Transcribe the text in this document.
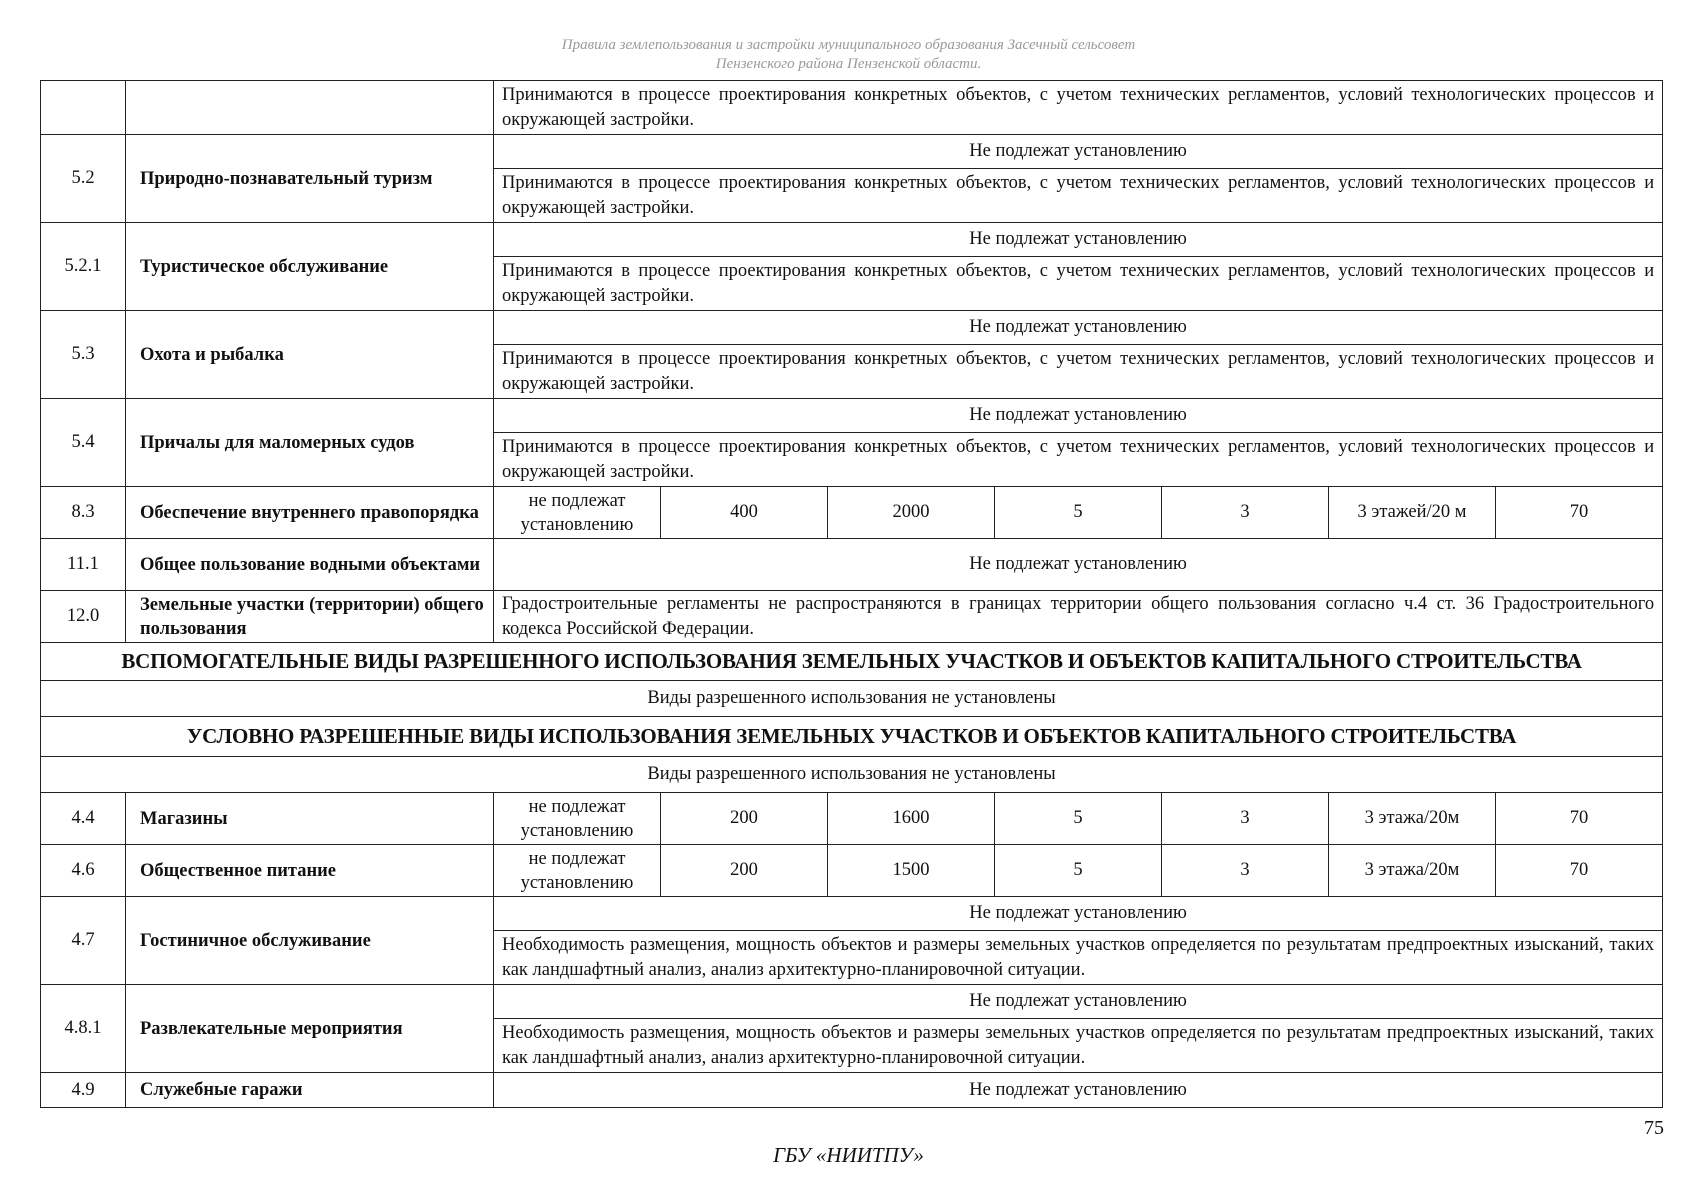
Правила землепользования и застройки муниципального образования Засечный сельсовет
Пензенского района Пензенской области.
		Принимаются в процессе проектирования конкретных объектов, с учетом технических регламентов, условий технологических процессов и окружающей застройки.						
5.2	Природно-познавательный туризм	Не подлежат установлению						
		Принимаются в процессе проектирования конкретных объектов, с учетом технических регламентов, условий технологических процессов и окружающей застройки.						
5.2.1	Туристическое обслуживание	Не подлежат установлению						
		Принимаются в процессе проектирования конкретных объектов, с учетом технических регламентов, условий технологических процессов и окружающей застройки.						
5.3	Охота и рыбалка	Не подлежат установлению						
		Принимаются в процессе проектирования конкретных объектов, с учетом технических регламентов, условий технологических процессов и окружающей застройки.						
5.4	Причалы для маломерных судов	Не подлежат установлению						
		Принимаются в процессе проектирования конкретных объектов, с учетом технических регламентов, условий технологических процессов и окружающей застройки.						
8.3	Обеспечение внутреннего правопорядка	не подлежат установлению	400	2000	5	3	3 этажей/20 м	70
11.1	Общее пользование водными объектами	Не подлежат установлению						
12.0	Земельные участки (территории) общего пользования	Градостроительные регламенты не распространяются в границах территории общего пользования согласно ч.4 ст. 36 Градостроительного кодекса Российской Федерации.						
ВСПОМОГАТЕЛЬНЫЕ ВИДЫ РАЗРЕШЕННОГО ИСПОЛЬЗОВАНИЯ ЗЕМЕЛЬНЫХ УЧАСТКОВ И ОБЪЕКТОВ КАПИТАЛЬНОГО СТРОИТЕЛЬСТВА								
Виды разрешенного использования не установлены								
УСЛОВНО РАЗРЕШЕННЫЕ ВИДЫ ИСПОЛЬЗОВАНИЯ ЗЕМЕЛЬНЫХ УЧАСТКОВ И ОБЪЕКТОВ КАПИТАЛЬНОГО СТРОИТЕЛЬСТВА								
Виды разрешенного использования не установлены								
4.4	Магазины	не подлежат установлению	200	1600	5	3	3 этажа/20м	70
4.6	Общественное питание	не подлежат установлению	200	1500	5	3	3 этажа/20м	70
4.7	Гостиничное обслуживание	Не подлежат установлению						
		Необходимость размещения, мощность объектов и размеры земельных участков определяется по результатам предпроектных изысканий, таких как ландшафтный анализ, анализ архитектурно-планировочной ситуации.						
4.8.1	Развлекательные мероприятия	Не подлежат установлению						
		Необходимость размещения, мощность объектов и размеры земельных участков определяется по результатам предпроектных изысканий, таких как ландшафтный анализ, анализ архитектурно-планировочной ситуации.						
4.9	Служебные гаражи	Не подлежат установлению						
75
ГБУ «НИИТПУ»
